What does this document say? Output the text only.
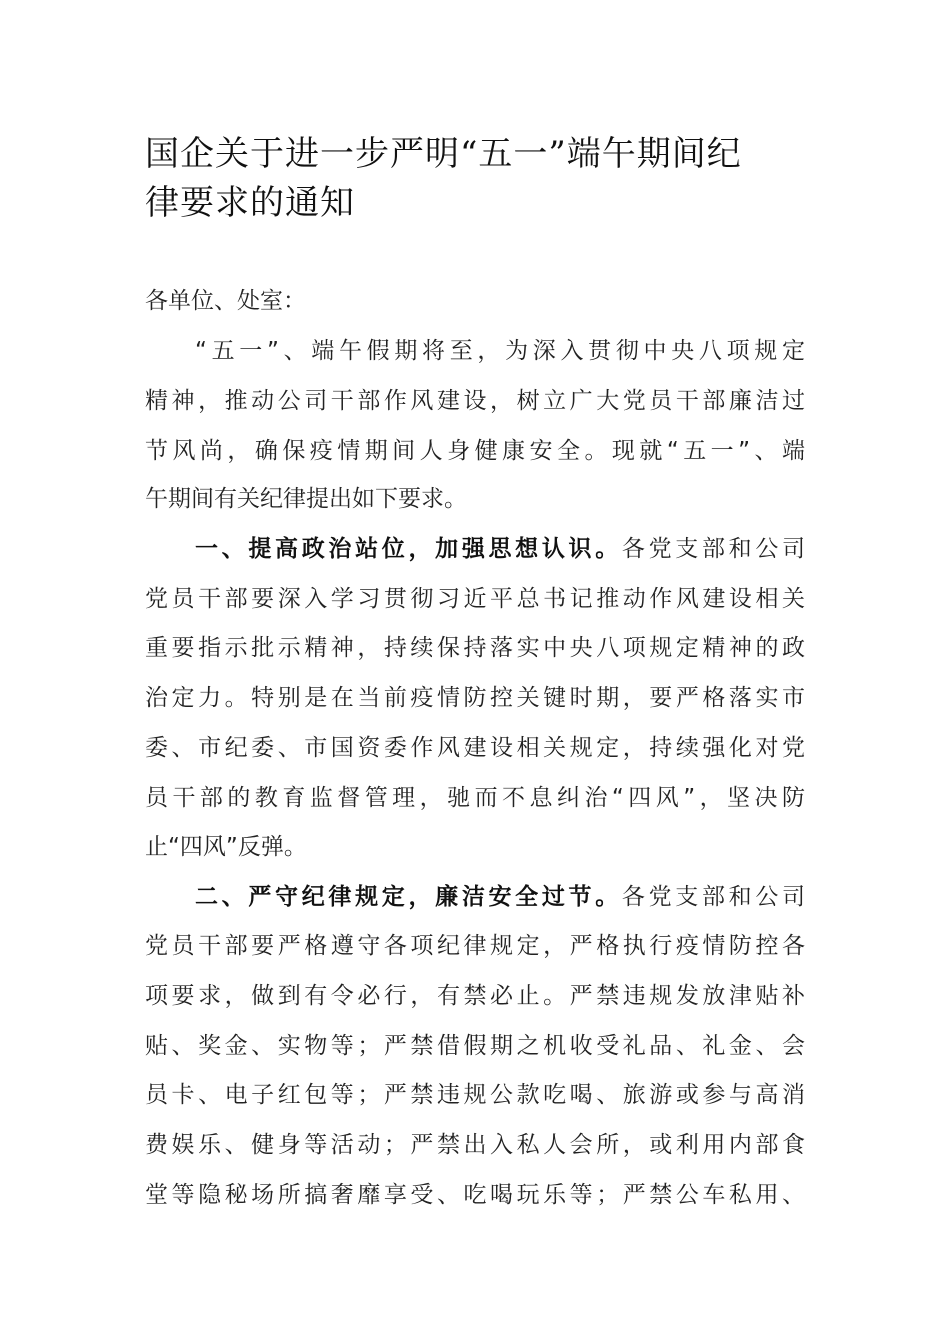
国企关于进一步严明“五一”端午期间纪
律要求的通知
各单位、处室：
“五一”、端午假期将至，为深入贯彻中央八项规定
精神，推动公司干部作风建设，树立广大党员干部廉洁过
节风尚，确保疫情期间人身健康安全。现就“五一”、端
午期间有关纪律提出如下要求。
一、提高政治站位，加强思想认识。各党支部和公司
党员干部要深入学习贯彻习近平总书记推动作风建设相关
重要指示批示精神，持续保持落实中央八项规定精神的政
治定力。特别是在当前疫情防控关键时期，要严格落实市
委、市纪委、市国资委作风建设相关规定，持续强化对党
员干部的教育监督管理，驰而不息纠治“四风”，坚决防
止“四风”反弹。
二、严守纪律规定，廉洁安全过节。各党支部和公司
党员干部要严格遵守各项纪律规定，严格执行疫情防控各
项要求，做到有令必行，有禁必止。严禁违规发放津贴补
贴、奖金、实物等；严禁借假期之机收受礼品、礼金、会
员卡、电子红包等；严禁违规公款吃喝、旅游或参与高消
费娱乐、健身等活动；严禁出入私人会所，或利用内部食
堂等隐秘场所搞奢靡享受、吃喝玩乐等；严禁公车私用、
